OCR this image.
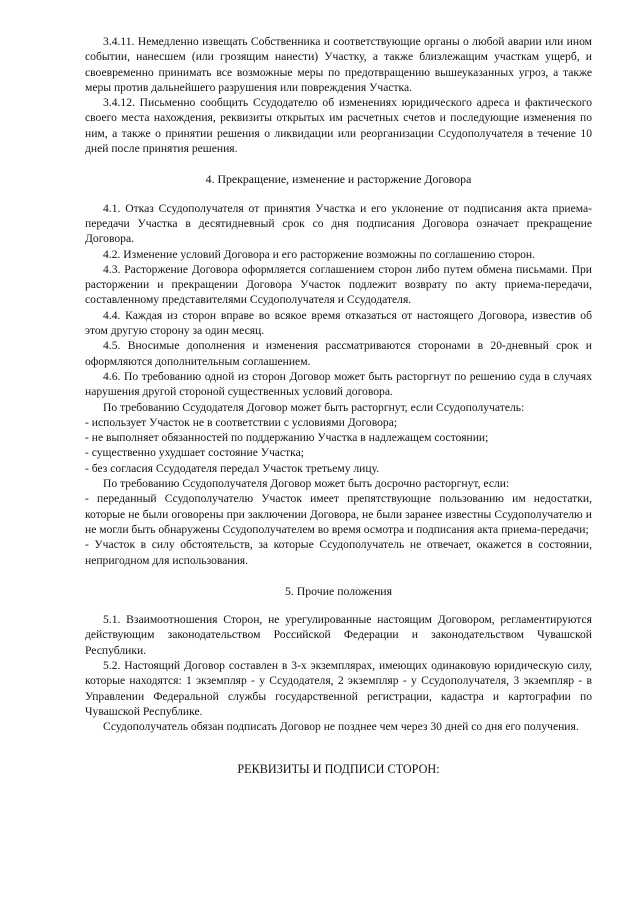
3.4.11. Немедленно извещать Собственника и соответствующие органы о любой аварии или ином событии, нанесшем (или грозящим нанести) Участку, а также близлежащим участкам ущерб, и своевременно принимать все возможные меры по предотвращению вышеуказанных угроз, а также меры против дальнейшего разрушения или повреждения Участка.

3.4.12. Письменно сообщить Ссудодателю об изменениях юридического адреса и фактического своего места нахождения, реквизиты открытых им расчетных счетов и последующие изменения по ним, а также о принятии решения о ликвидации или реорганизации Ссудополучателя в течение 10 дней после принятия решения.

4. Прекращение, изменение и расторжение Договора

4.1. Отказ Ссудополучателя от принятия Участка и его уклонение от подписания акта приема-передачи Участка в десятидневный срок со дня подписания Договора означает прекращение Договора.

4.2. Изменение условий Договора и его расторжение возможны по соглашению сторон.

4.3. Расторжение Договора оформляется соглашением сторон либо путем обмена письмами. При расторжении и прекращении Договора Участок подлежит возврату по акту приема-передачи, составленному представителями Ссудополучателя и Ссудодателя.

4.4. Каждая из сторон вправе во всякое время отказаться от настоящего Договора, известив об этом другую сторону за один месяц.

4.5. Вносимые дополнения и изменения рассматриваются сторонами в 20-дневный срок и оформляются дополнительным соглашением.

4.6. По требованию одной из сторон Договор может быть расторгнут по решению суда в случаях нарушения другой стороной существенных условий договора.

По требованию Ссудодателя Договор может быть расторгнут, если Ссудополучатель:

- использует Участок не в соответствии с условиями Договора;

- не выполняет обязанностей по поддержанию Участка в надлежащем состоянии;

- существенно ухудшает состояние Участка;

- без согласия Ссудодателя передал Участок третьему лицу.

По требованию Ссудополучателя Договор может быть досрочно расторгнут, если:

- переданный Ссудополучателю Участок имеет препятствующие пользованию им недостатки, которые не были оговорены при заключении Договора, не были заранее известны Ссудополучателю и не могли быть обнаружены Ссудополучателем во время осмотра и подписания акта приема-передачи;

- Участок в силу обстоятельств, за которые Ссудополучатель не отвечает, окажется в состоянии, непригодном для использования.

5. Прочие положения

5.1. Взаимоотношения Сторон, не урегулированные настоящим Договором, регламентируются действующим законодательством Российской Федерации и законодательством Чувашской Республики.

5.2. Настоящий Договор составлен в 3-х экземплярах, имеющих одинаковую юридическую силу, которые находятся: 1 экземпляр - у Ссудодателя, 2 экземпляр - у Ссудополучателя, 3 экземпляр - в Управлении Федеральной службы государственной регистрации, кадастра и картографии по Чувашской Республике.

Ссудополучатель обязан подписать Договор не позднее чем через 30 дней со дня его получения.

РЕКВИЗИТЫ И ПОДПИСИ СТОРОН:
